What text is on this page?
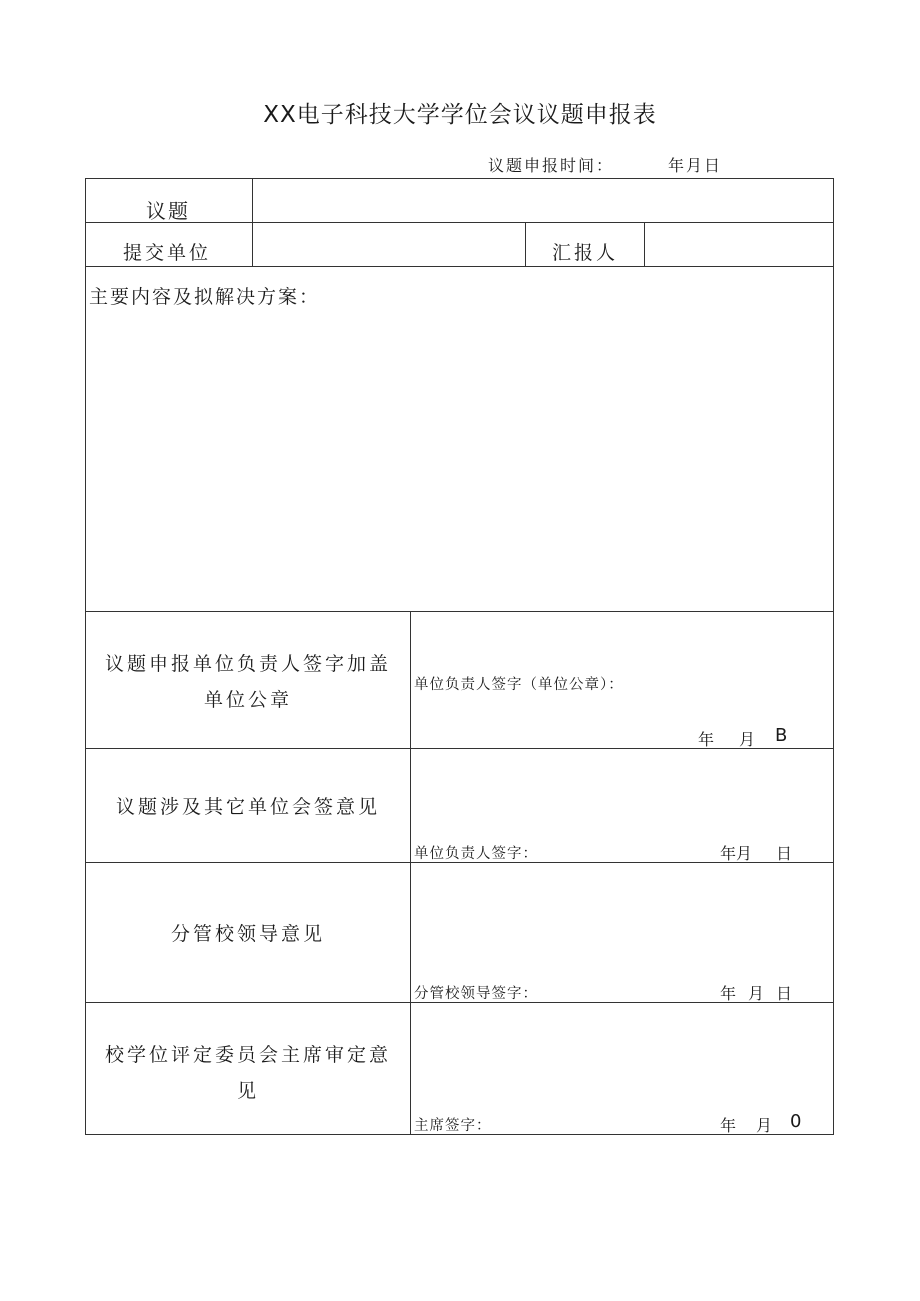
XX电子科技大学学位会议议题申报表
议题申报时间：	年月日
议题
提交单位	汇报人
主要内容及拟解决方案：
议题申报单位负责人签字加盖
单位公章
单位负责人签字（单位公章）：
年 月 B
议题涉及其它单位会签意见
单位负责人签字：	年月 日
分管校领导意见
分管校领导签字：	年 月 日
校学位评定委员会主席审定意
见
主席签字：	年 月 0
